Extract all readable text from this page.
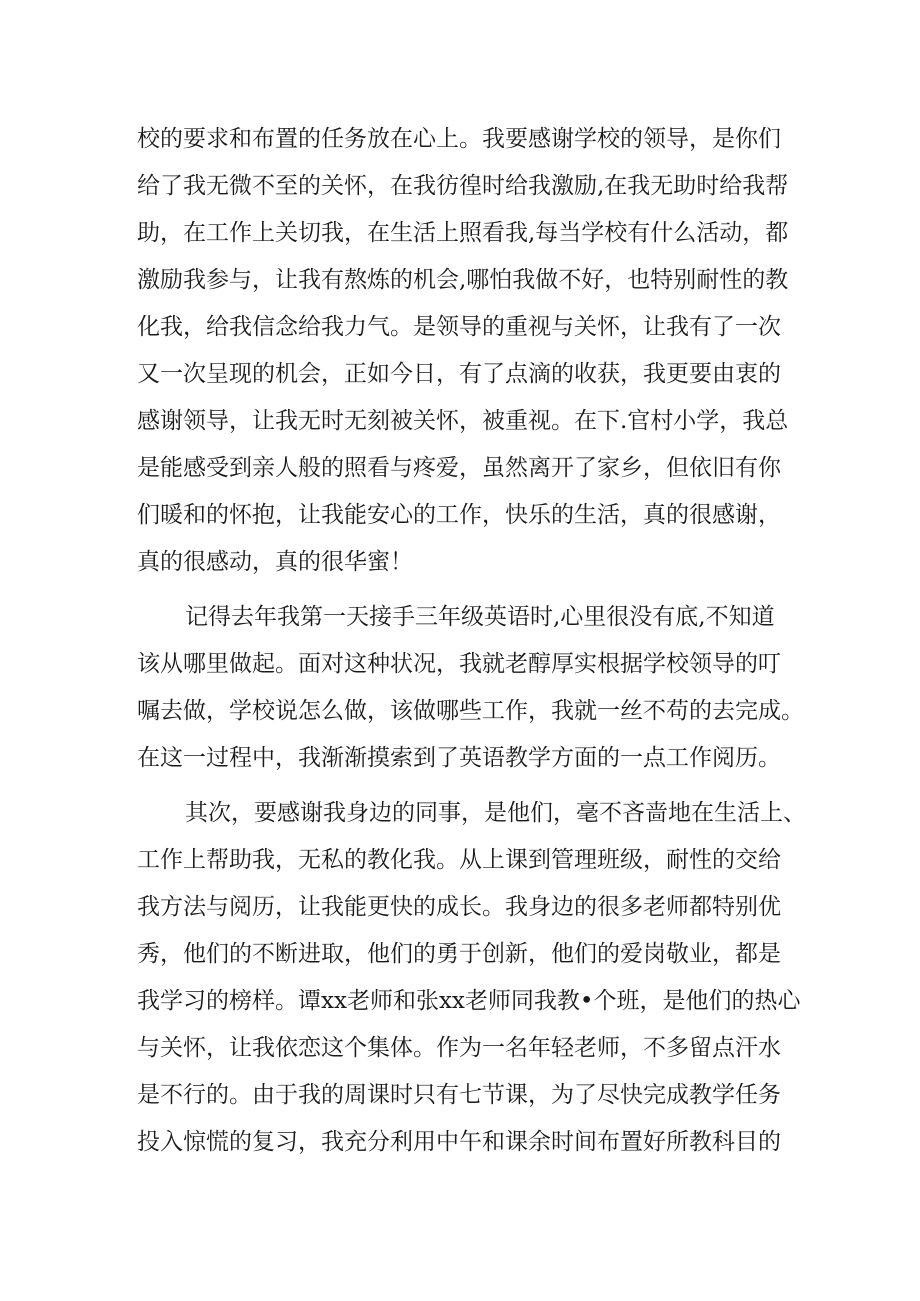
校的要求和布置的任务放在心上。我要感谢学校的领导，是你们
给了我无微不至的关怀，在我彷徨时给我激励,在我无助时给我帮
助，在工作上关切我，在生活上照看我,每当学校有什么活动，都
激励我参与，让我有熬炼的机会,哪怕我做不好，也特别耐性的教
化我，给我信念给我力气。是领导的重视与关怀，让我有了一次
又一次呈现的机会，正如今日，有了点滴的收获，我更要由衷的
感谢领导，让我无时无刻被关怀，被重视。在下.官村小学，我总
是能感受到亲人般的照看与疼爱，虽然离开了家乡，但依旧有你
们暖和的怀抱，让我能安心的工作，快乐的生活，真的很感谢，
真的很感动，真的很华蜜！
记得去年我第一天接手三年级英语时,心里很没有底,不知道
该从哪里做起。面对这种状况，我就老醇厚实根据学校领导的叮
嘱去做，学校说怎么做，该做哪些工作，我就一丝不苟的去完成。
在这一过程中，我渐渐摸索到了英语教学方面的一点工作阅历。
其次，要感谢我身边的同事，是他们，毫不吝啬地在生活上、
工作上帮助我，无私的教化我。从上课到管理班级，耐性的交给
我方法与阅历，让我能更快的成长。我身边的很多老师都特别优
秀，他们的不断进取，他们的勇于创新，他们的爱岗敬业，都是
我学习的榜样。谭xx老师和张xx老师同我教•个班，是他们的热心
与关怀，让我依恋这个集体。作为一名年轻老师，不多留点汗水
是不行的。由于我的周课时只有七节课，为了尽快完成教学任务
投入惊慌的复习，我充分利用中午和课余时间布置好所教科目的
